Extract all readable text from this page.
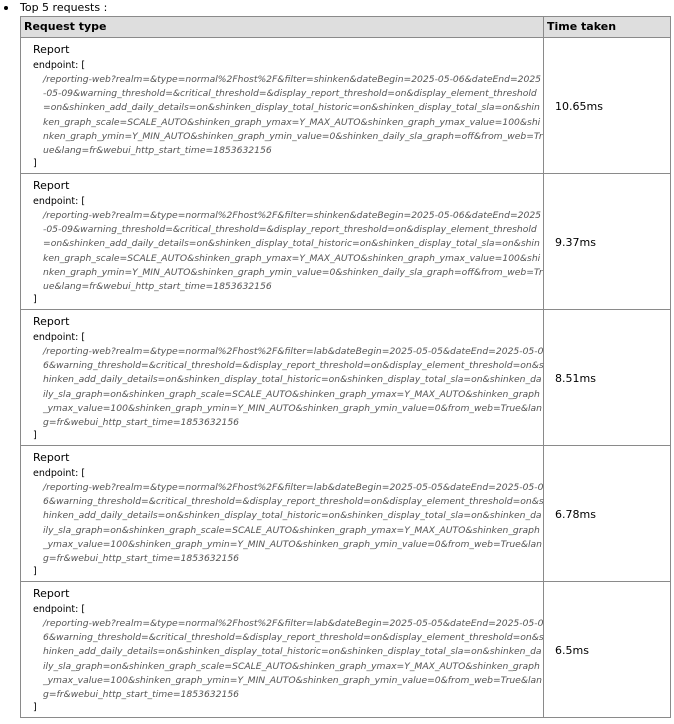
Top 5 requests :
Request type	Time taken

Report
endpoint: [
/reporting-web?realm=&type=normal%2Fhost%2F&filter=shinken&dateBegin=2025-05-06&dateEnd=2025-05-09&warning_threshold=&critical_threshold=&display_report_threshold=on&display_element_threshold=on&shinken_add_daily_details=on&shinken_display_total_historic=on&shinken_display_total_sla=on&shinken_graph_scale=SCALE_AUTO&shinken_graph_ymax=Y_MAX_AUTO&shinken_graph_ymax_value=100&shinken_graph_ymin=Y_MIN_AUTO&shinken_graph_ymin_value=0&shinken_daily_sla_graph=off&from_web=True&lang=fr&webui_http_start_time=1853632156
]	10.65ms

Report
endpoint: [
/reporting-web?realm=&type=normal%2Fhost%2F&filter=shinken&dateBegin=2025-05-06&dateEnd=2025-05-09&warning_threshold=&critical_threshold=&display_report_threshold=on&display_element_threshold=on&shinken_add_daily_details=on&shinken_display_total_historic=on&shinken_display_total_sla=on&shinken_graph_scale=SCALE_AUTO&shinken_graph_ymax=Y_MAX_AUTO&shinken_graph_ymax_value=100&shinken_graph_ymin=Y_MIN_AUTO&shinken_graph_ymin_value=0&shinken_daily_sla_graph=off&from_web=True&lang=fr&webui_http_start_time=1853632156
]	9.37ms

Report
endpoint: [
/reporting-web?realm=&type=normal%2Fhost%2F&filter=lab&dateBegin=2025-05-05&dateEnd=2025-05-06&warning_threshold=&critical_threshold=&display_report_threshold=on&display_element_threshold=on&shinken_add_daily_details=on&shinken_display_total_historic=on&shinken_display_total_sla=on&shinken_daily_sla_graph=on&shinken_graph_scale=SCALE_AUTO&shinken_graph_ymax=Y_MAX_AUTO&shinken_graph_ymax_value=100&shinken_graph_ymin=Y_MIN_AUTO&shinken_graph_ymin_value=0&from_web=True&lang=fr&webui_http_start_time=1853632156
]	8.51ms

Report
endpoint: [
/reporting-web?realm=&type=normal%2Fhost%2F&filter=lab&dateBegin=2025-05-05&dateEnd=2025-05-06&warning_threshold=&critical_threshold=&display_report_threshold=on&display_element_threshold=on&shinken_add_daily_details=on&shinken_display_total_historic=on&shinken_display_total_sla=on&shinken_daily_sla_graph=on&shinken_graph_scale=SCALE_AUTO&shinken_graph_ymax=Y_MAX_AUTO&shinken_graph_ymax_value=100&shinken_graph_ymin=Y_MIN_AUTO&shinken_graph_ymin_value=0&from_web=True&lang=fr&webui_http_start_time=1853632156
]	6.78ms

Report
endpoint: [
/reporting-web?realm=&type=normal%2Fhost%2F&filter=lab&dateBegin=2025-05-05&dateEnd=2025-05-06&warning_threshold=&critical_threshold=&display_report_threshold=on&display_element_threshold=on&shinken_add_daily_details=on&shinken_display_total_historic=on&shinken_display_total_sla=on&shinken_daily_sla_graph=on&shinken_graph_scale=SCALE_AUTO&shinken_graph_ymax=Y_MAX_AUTO&shinken_graph_ymax_value=100&shinken_graph_ymin=Y_MIN_AUTO&shinken_graph_ymin_value=0&from_web=True&lang=fr&webui_http_start_time=1853632156
]	6.5ms
